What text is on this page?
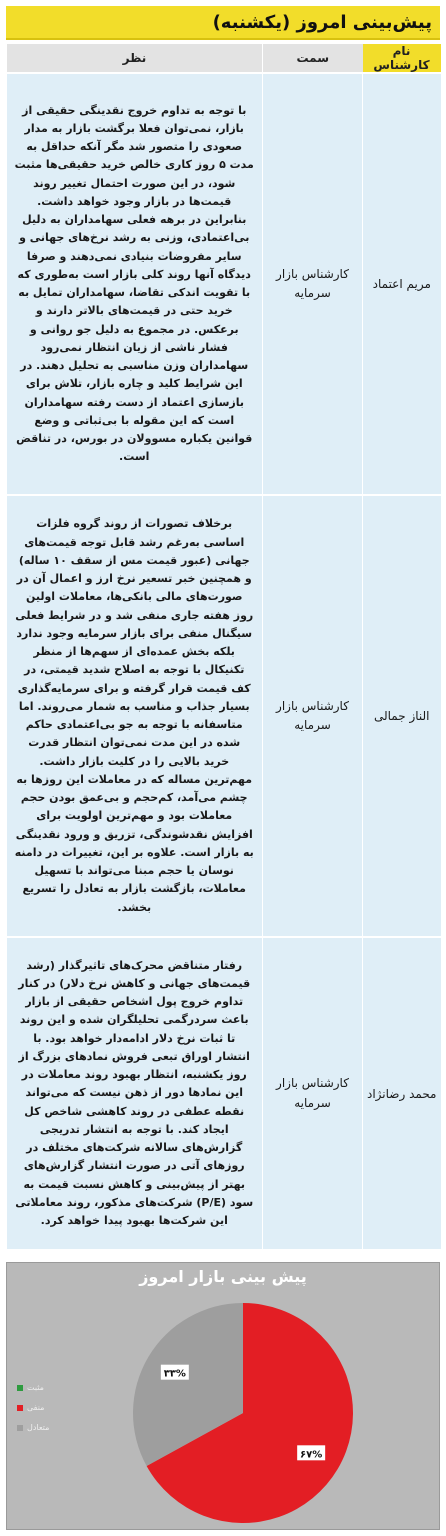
پیش‌بینی امروز (یکشنبه)
نام کارشناس	سمت	نظر
مریم اعتماد	کارشناس بازار سرمایه	با توجه به تداوم خروج نقدینگی حقیقی از بازار، نمی‌توان فعلا برگشت بازار به مدار صعودی را متصور شد مگر آنکه حداقل به مدت ۵ روز کاری خالص خرید حقیقی‌ها مثبت شود، در این صورت احتمال تغییر روند قیمت‌ها در بازار وجود خواهد داشت. بنابراین در برهه فعلی سهامداران به دلیل بی‌اعتمادی، وزنی به رشد نرخ‌های جهانی و سایر مفروضات بنیادی نمی‌دهند و صرفا دیدگاه آنها روند کلی بازار است به‌طوری که با تقویت اندکی تقاضا، سهامداران تمایل به خرید حتی در قیمت‌های بالاتر دارند و برعکس. در مجموع به دلیل جو روانی و فشار ناشی از زیان انتظار نمی‌رود سهامداران وزن مناسبی به تحلیل دهند. در این شرایط کلید و چاره بازار، تلاش برای بازسازی اعتماد از دست رفته سهامداران است که این مقوله با بی‌ثباتی و وضع قوانین یکباره مسوولان در بورس، در تناقض است.
الناز جمالی	کارشناس بازار سرمایه	برخلاف تصورات از روند گروه فلزات اساسی به‌رغم رشد قابل توجه قیمت‌های جهانی (عبور قیمت مس از سقف ۱۰ ساله) و همچنین خبر تسعیر نرخ ارز و اعمال آن در صورت‌های مالی بانکی‌ها، معاملات اولین روز هفته جاری منفی شد و در شرایط فعلی سیگنال منفی برای بازار سرمایه وجود ندارد بلکه بخش عمده‌ای از سهم‌ها از منظر تکنیکال با توجه به اصلاح شدید قیمتی، در کف قیمت قرار گرفته و برای سرمایه‌گذاری بسیار جذاب و مناسب به شمار می‌روند. اما متاسفانه با توجه به جو بی‌اعتمادی حاکم شده در این مدت نمی‌توان انتظار قدرت خرید بالایی را در کلیت بازار داشت. مهم‌ترین مساله که در معاملات این روزها به چشم می‌آمد، کم‌حجم و بی‌عمق بودن حجم معاملات بود و مهم‌ترین اولویت برای افزایش نقدشوندگی، تزریق و ورود نقدینگی به بازار است. علاوه بر این، تغییرات در دامنه نوسان یا حجم مبنا می‌تواند با تسهیل معاملات، بازگشت بازار به تعادل را تسریع بخشد.
محمد رضانژاد	کارشناس بازار سرمایه	رفتار متناقض محرک‌های تاثیرگذار (رشد قیمت‌های جهانی و کاهش نرخ دلار) در کنار تداوم خروج پول اشخاص حقیقی از بازار باعث سردرگمی تحلیلگران شده و این روند تا ثبات نرخ دلار ادامه‌دار خواهد بود. با انتشار اوراق تبعی فروش نمادهای بزرگ از روز یکشنبه، انتظار بهبود روند معاملات در این نمادها دور از ذهن نیست که می‌تواند نقطه عطفی در روند کاهشی شاخص کل ایجاد کند. با توجه به انتشار تدریجی گزارش‌های سالانه شرکت‌های مختلف در روزهای آتی در صورت انتشار گزارش‌های بهتر از پیش‌بینی و کاهش نسبت قیمت به سود (P/E) شرکت‌های مذکور، روند معاملاتی این شرکت‌ها بهبود پیدا خواهد کرد.
پیش بینی بازار امروز
۶۷%
۳۳%
مثبت
منفی
متعادل
